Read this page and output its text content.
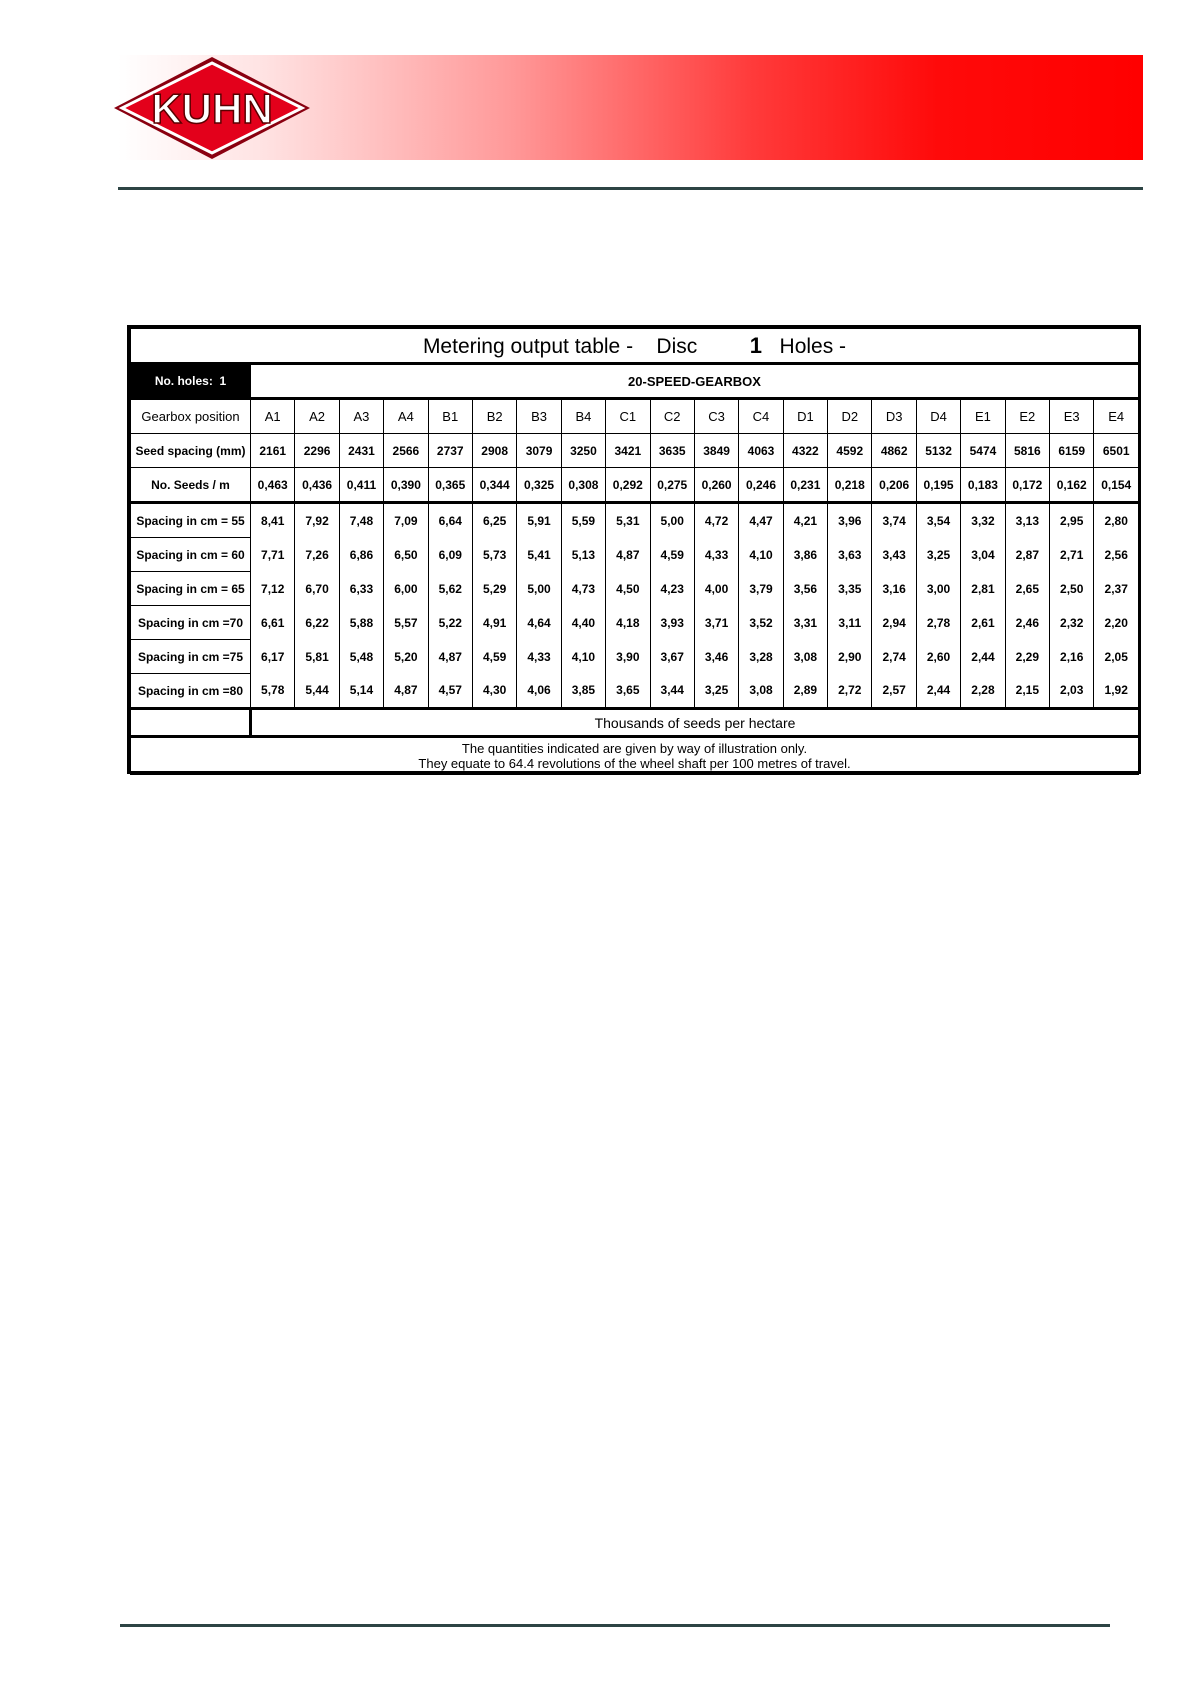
KUHN
Metering output table - Disc 1 Holes -																				
No. holes: 1	20-SPEED-GEARBOX																			
Gearbox position	A1	A2	A3	A4	B1	B2	B3	B4	C1	C2	C3	C4	D1	D2	D3	D4	E1	E2	E3	E4
Seed spacing (mm)	2161	2296	2431	2566	2737	2908	3079	3250	3421	3635	3849	4063	4322	4592	4862	5132	5474	5816	6159	6501
No. Seeds / m	0,463	0,436	0,411	0,390	0,365	0,344	0,325	0,308	0,292	0,275	0,260	0,246	0,231	0,218	0,206	0,195	0,183	0,172	0,162	0,154
Spacing in cm = 55	8,41	7,92	7,48	7,09	6,64	6,25	5,91	5,59	5,31	5,00	4,72	4,47	4,21	3,96	3,74	3,54	3,32	3,13	2,95	2,80
Spacing in cm = 60	7,71	7,26	6,86	6,50	6,09	5,73	5,41	5,13	4,87	4,59	4,33	4,10	3,86	3,63	3,43	3,25	3,04	2,87	2,71	2,56
Spacing in cm = 65	7,12	6,70	6,33	6,00	5,62	5,29	5,00	4,73	4,50	4,23	4,00	3,79	3,56	3,35	3,16	3,00	2,81	2,65	2,50	2,37
Spacing in cm =70	6,61	6,22	5,88	5,57	5,22	4,91	4,64	4,40	4,18	3,93	3,71	3,52	3,31	3,11	2,94	2,78	2,61	2,46	2,32	2,20
Spacing in cm =75	6,17	5,81	5,48	5,20	4,87	4,59	4,33	4,10	3,90	3,67	3,46	3,28	3,08	2,90	2,74	2,60	2,44	2,29	2,16	2,05
Spacing in cm =80	5,78	5,44	5,14	4,87	4,57	4,30	4,06	3,85	3,65	3,44	3,25	3,08	2,89	2,72	2,57	2,44	2,28	2,15	2,03	1,92
	Thousands of seeds per hectare																			

The quantities indicated are given by way of illustration only.
They equate to 64.4 revolutions of the wheel shaft per 100 metres of travel.																				
